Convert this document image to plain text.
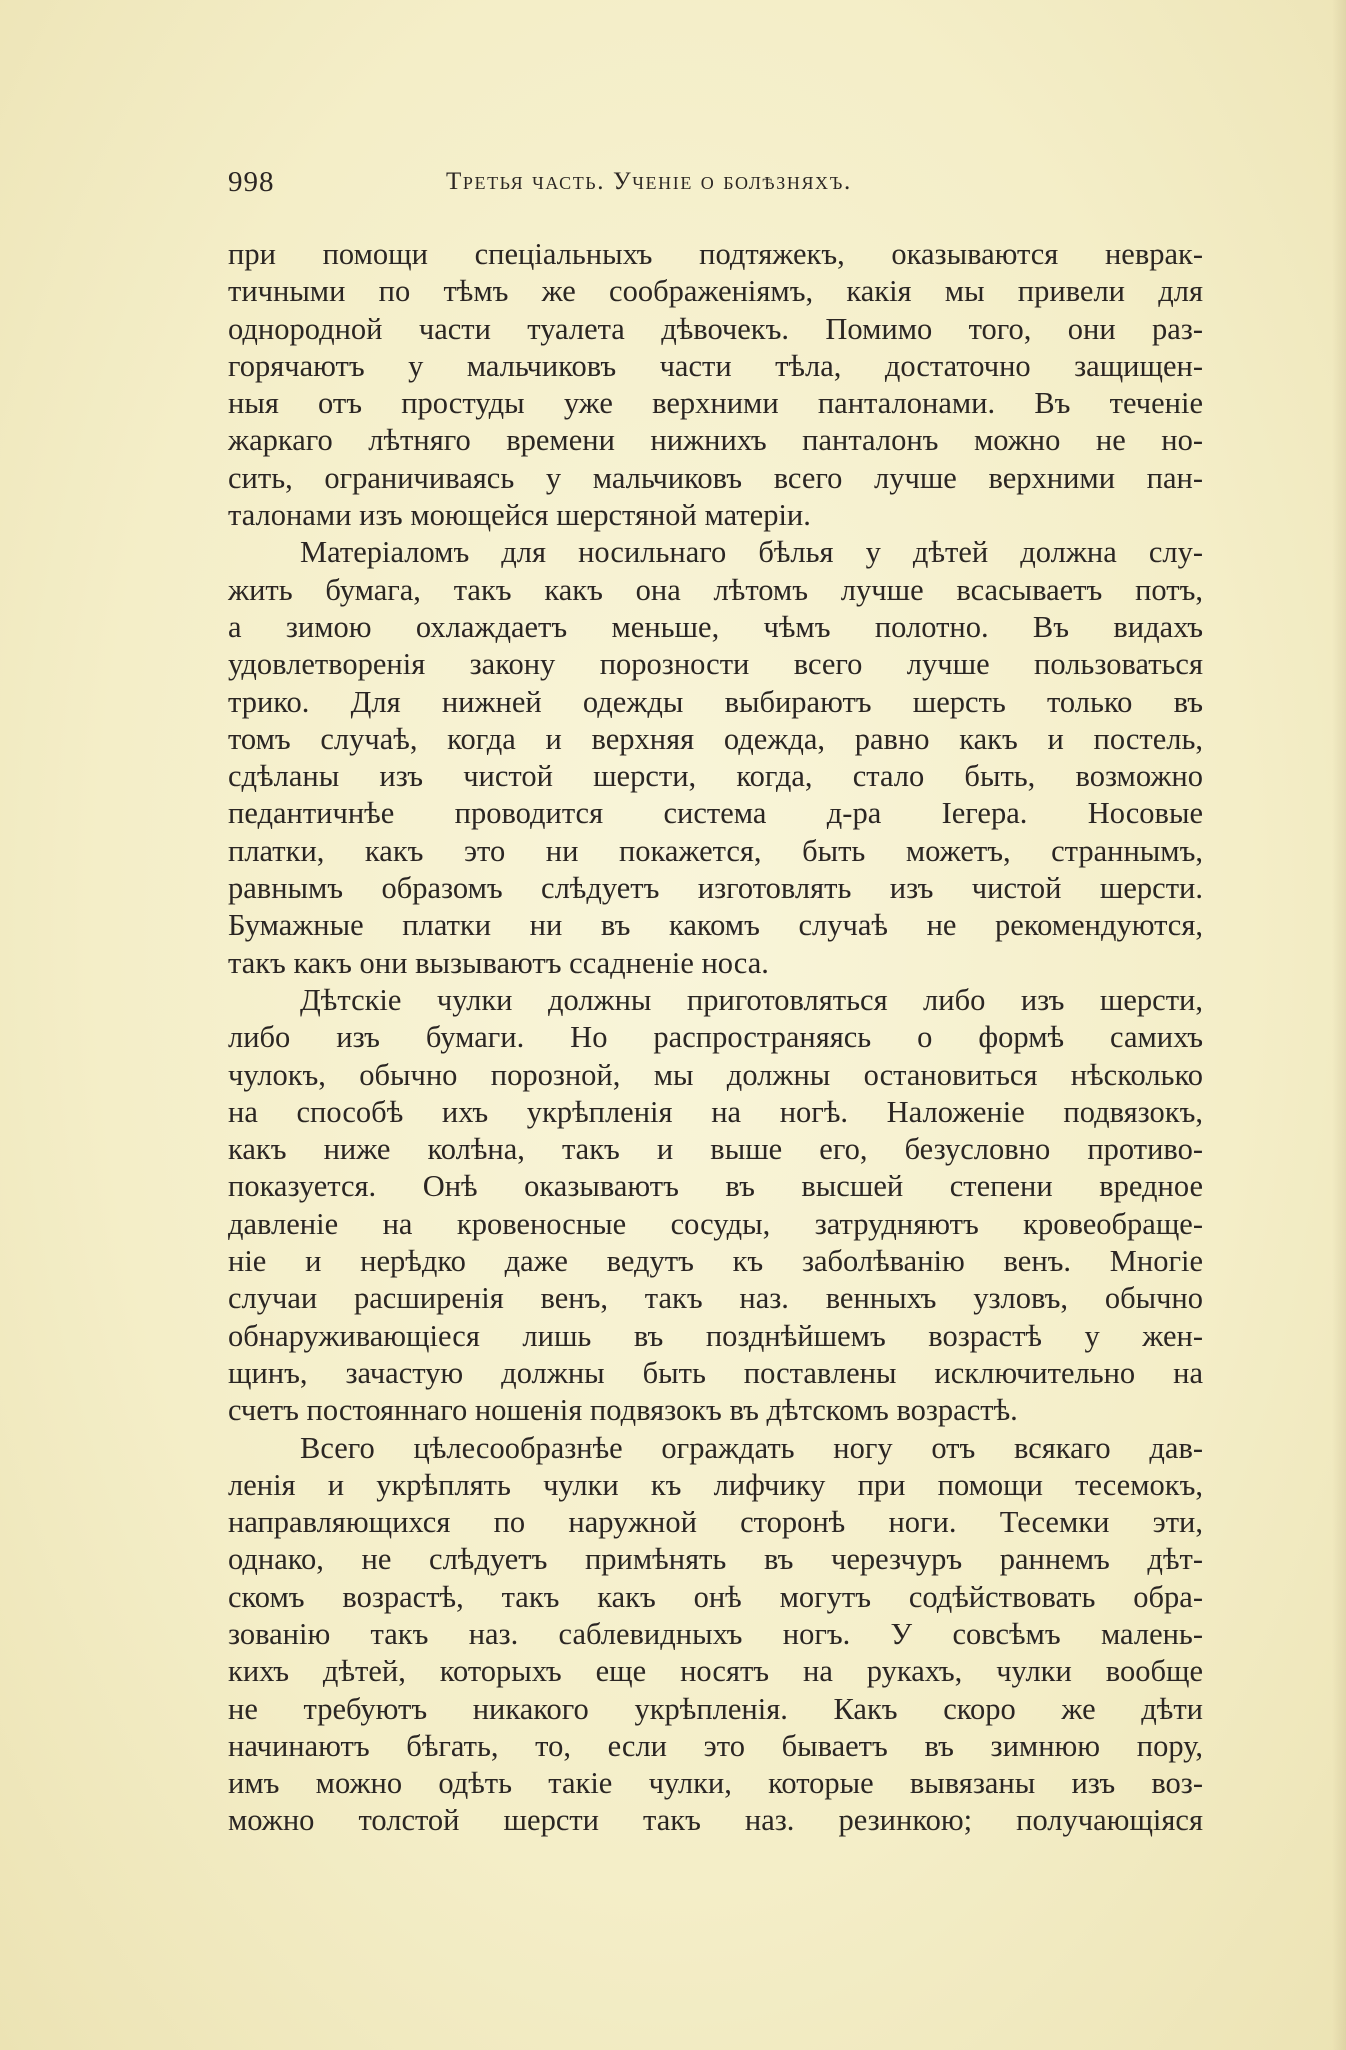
998	Третья часть. Ученіе о болѣзняхъ.
при помощи спеціальныхъ подтяжекъ, оказываются неврак-
тичными по тѣмъ же соображеніямъ, какія мы привели для
однородной части туалета дѣвочекъ. Помимо того, они раз-
горячаютъ у мальчиковъ части тѣла, достаточно защищен-
ныя отъ простуды уже верхними панталонами. Въ теченіе
жаркаго лѣтняго времени нижнихъ панталонъ можно не но-
сить, ограничиваясь у мальчиковъ всего лучше верхними пан-
талонами изъ моющейся шерстяной матеріи.
Матеріаломъ для носильнаго бѣлья у дѣтей должна слу-
жить бумага, такъ какъ она лѣтомъ лучше всасываетъ потъ,
а зимою охлаждаетъ меньше, чѣмъ полотно. Въ видахъ
удовлетворенія закону порозности всего лучше пользоваться
трико. Для нижней одежды выбираютъ шерсть только въ
томъ случаѣ, когда и верхняя одежда, равно какъ и постель,
сдѣланы изъ чистой шерсти, когда, стало быть, возможно
педантичнѣе проводится система д-ра Iегера. Носовые
платки, какъ это ни покажется, быть можетъ, страннымъ,
равнымъ образомъ слѣдуетъ изготовлять изъ чистой шерсти.
Бумажные платки ни въ какомъ случаѣ не рекомендуются,
такъ какъ они вызываютъ ссадненіе носа.
Дѣтскіе чулки должны приготовляться либо изъ шерсти,
либо изъ бумаги. Но распространяясь о формѣ самихъ
чулокъ, обычно порозной, мы должны остановиться нѣсколько
на способѣ ихъ укрѣпленія на ногѣ. Наложеніе подвязокъ,
какъ ниже колѣна, такъ и выше его, безусловно противо-
показуется. Онѣ оказываютъ въ высшей степени вредное
давленіе на кровеносные сосуды, затрудняютъ кровеобраще-
ніе и нерѣдко даже ведутъ къ заболѣванію венъ. Многіе
случаи расширенія венъ, такъ наз. венныхъ узловъ, обычно
обнаруживающіеся лишь въ позднѣйшемъ возрастѣ у жен-
щинъ, зачастую должны быть поставлены исключительно на
счетъ постояннаго ношенія подвязокъ въ дѣтскомъ возрастѣ.
Всего цѣлесообразнѣе ограждать ногу отъ всякаго дав-
ленія и укрѣплять чулки къ лифчику при помощи тесемокъ,
направляющихся по наружной сторонѣ ноги. Тесемки эти,
однако, не слѣдуетъ примѣнять въ черезчуръ раннемъ дѣт-
скомъ возрастѣ, такъ какъ онѣ могутъ содѣйствовать обра-
зованію такъ наз. саблевидныхъ ногъ. У совсѣмъ малень-
кихъ дѣтей, которыхъ еще носятъ на рукахъ, чулки вообще
не требуютъ никакого укрѣпленія. Какъ скоро же дѣти
начинаютъ бѣгать, то, если это бываетъ въ зимнюю пору,
имъ можно одѣть такіе чулки, которые вывязаны изъ воз-
можно толстой шерсти такъ наз. резинкою; получающіяся
